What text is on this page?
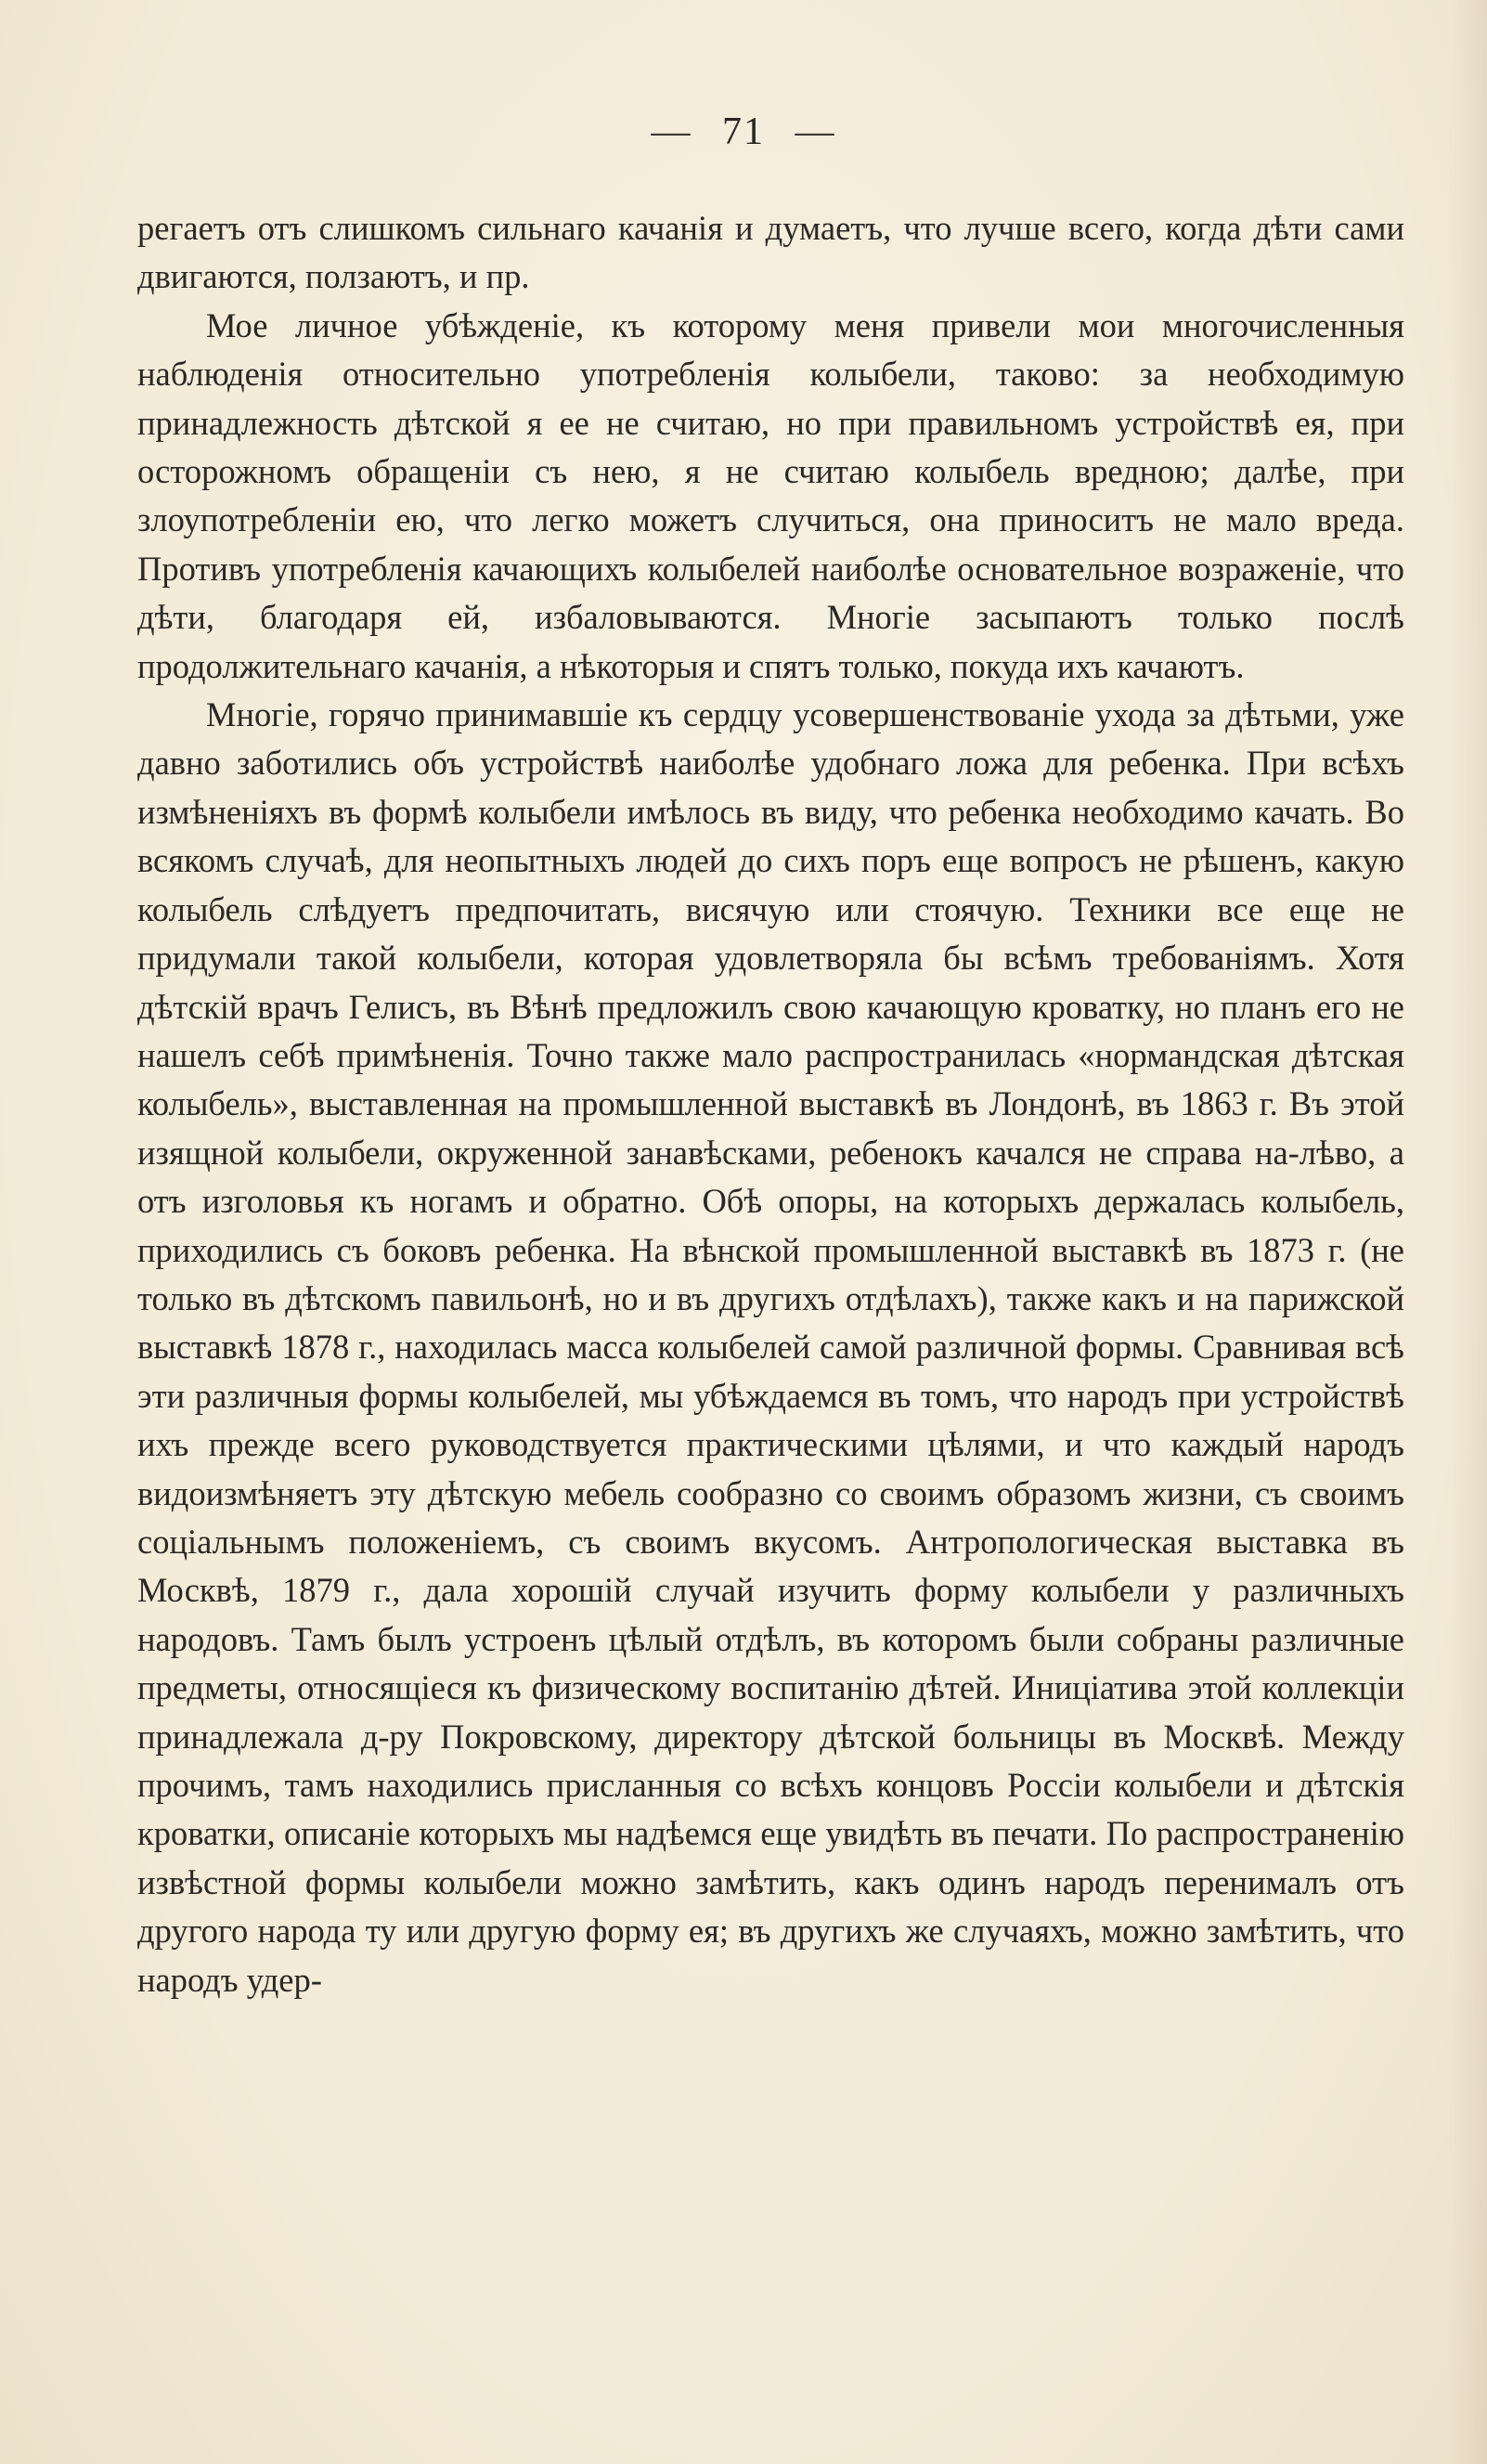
— 71 —

регаетъ отъ слишкомъ сильнаго качанія и думаетъ, что лучше всего, когда дѣти сами двигаются, ползаютъ, и пр.

Мое личное убѣжденіе, къ которому меня привели мои многочисленныя наблюденія относительно употребленія колыбели, таково: за необходимую принадлежность дѣтской я ее не считаю, но при правильномъ устройствѣ ея, при осторожномъ обращеніи съ нею, я не считаю колыбель вредною; далѣе, при злоупотребленіи ею, что легко можетъ случиться, она приноситъ не мало вреда. Противъ употребленія качающихъ колыбелей наиболѣе основательное возраженіе, что дѣти, благодаря ей, избаловываются. Многіе засыпаютъ только послѣ продолжительнаго качанія, а нѣкоторыя и спятъ только, покуда ихъ качаютъ.

Многіе, горячо принимавшіе къ сердцу усовершенствованіе ухода за дѣтьми, уже давно заботились объ устройствѣ наиболѣе удобнаго ложа для ребенка. При всѣхъ измѣненіяхъ въ формѣ колыбели имѣлось въ виду, что ребенка необходимо качать. Во всякомъ случаѣ, для неопытныхъ людей до сихъ поръ еще вопросъ не рѣшенъ, какую колыбель слѣдуетъ предпочитать, висячую или стоячую. Техники все еще не придумали такой колыбели, которая удовлетворяла бы всѣмъ требованіямъ. Хотя дѣтскій врачъ Гелисъ, въ Вѣнѣ предложилъ свою качающую кроватку, но планъ его не нашелъ себѣ примѣненія. Точно также мало распространилась «нормандская дѣтская колыбель», выставленная на промышленной выставкѣ въ Лондонѣ, въ 1863 г. Въ этой изящной колыбели, окруженной занавѣсками, ребенокъ качался не справа на-лѣво, а отъ изголовья къ ногамъ и обратно. Обѣ опоры, на которыхъ держалась колыбель, приходились съ боковъ ребенка. На вѣнской промышленной выставкѣ въ 1873 г. (не только въ дѣтскомъ павильонѣ, но и въ другихъ отдѣлахъ), также какъ и на парижской выставкѣ 1878 г., находилась масса колыбелей самой различной формы. Сравнивая всѣ эти различныя формы колыбелей, мы убѣждаемся въ томъ, что народъ при устройствѣ ихъ прежде всего руководствуется практическими цѣлями, и что каждый народъ видоизмѣняетъ эту дѣтскую мебель сообразно со своимъ образомъ жизни, съ своимъ соціальнымъ положеніемъ, съ своимъ вкусомъ. Антропологическая выставка въ Москвѣ, 1879 г., дала хорошій случай изучить форму колыбели у различныхъ народовъ. Тамъ былъ устроенъ цѣлый отдѣлъ, въ которомъ были собраны различные предметы, относящіеся къ физическому воспитанію дѣтей. Иниціатива этой коллекціи принадлежала д-ру Покровскому, директору дѣтской больницы въ Москвѣ. Между прочимъ, тамъ находились присланныя со всѣхъ концовъ Россіи колыбели и дѣтскія кроватки, описаніе которыхъ мы надѣемся еще увидѣть въ печати. По распространенію извѣстной формы колыбели можно замѣтить, какъ одинъ народъ перенималъ отъ другого народа ту или другую форму ея; въ другихъ же случаяхъ, можно замѣтить, что народъ удер-
